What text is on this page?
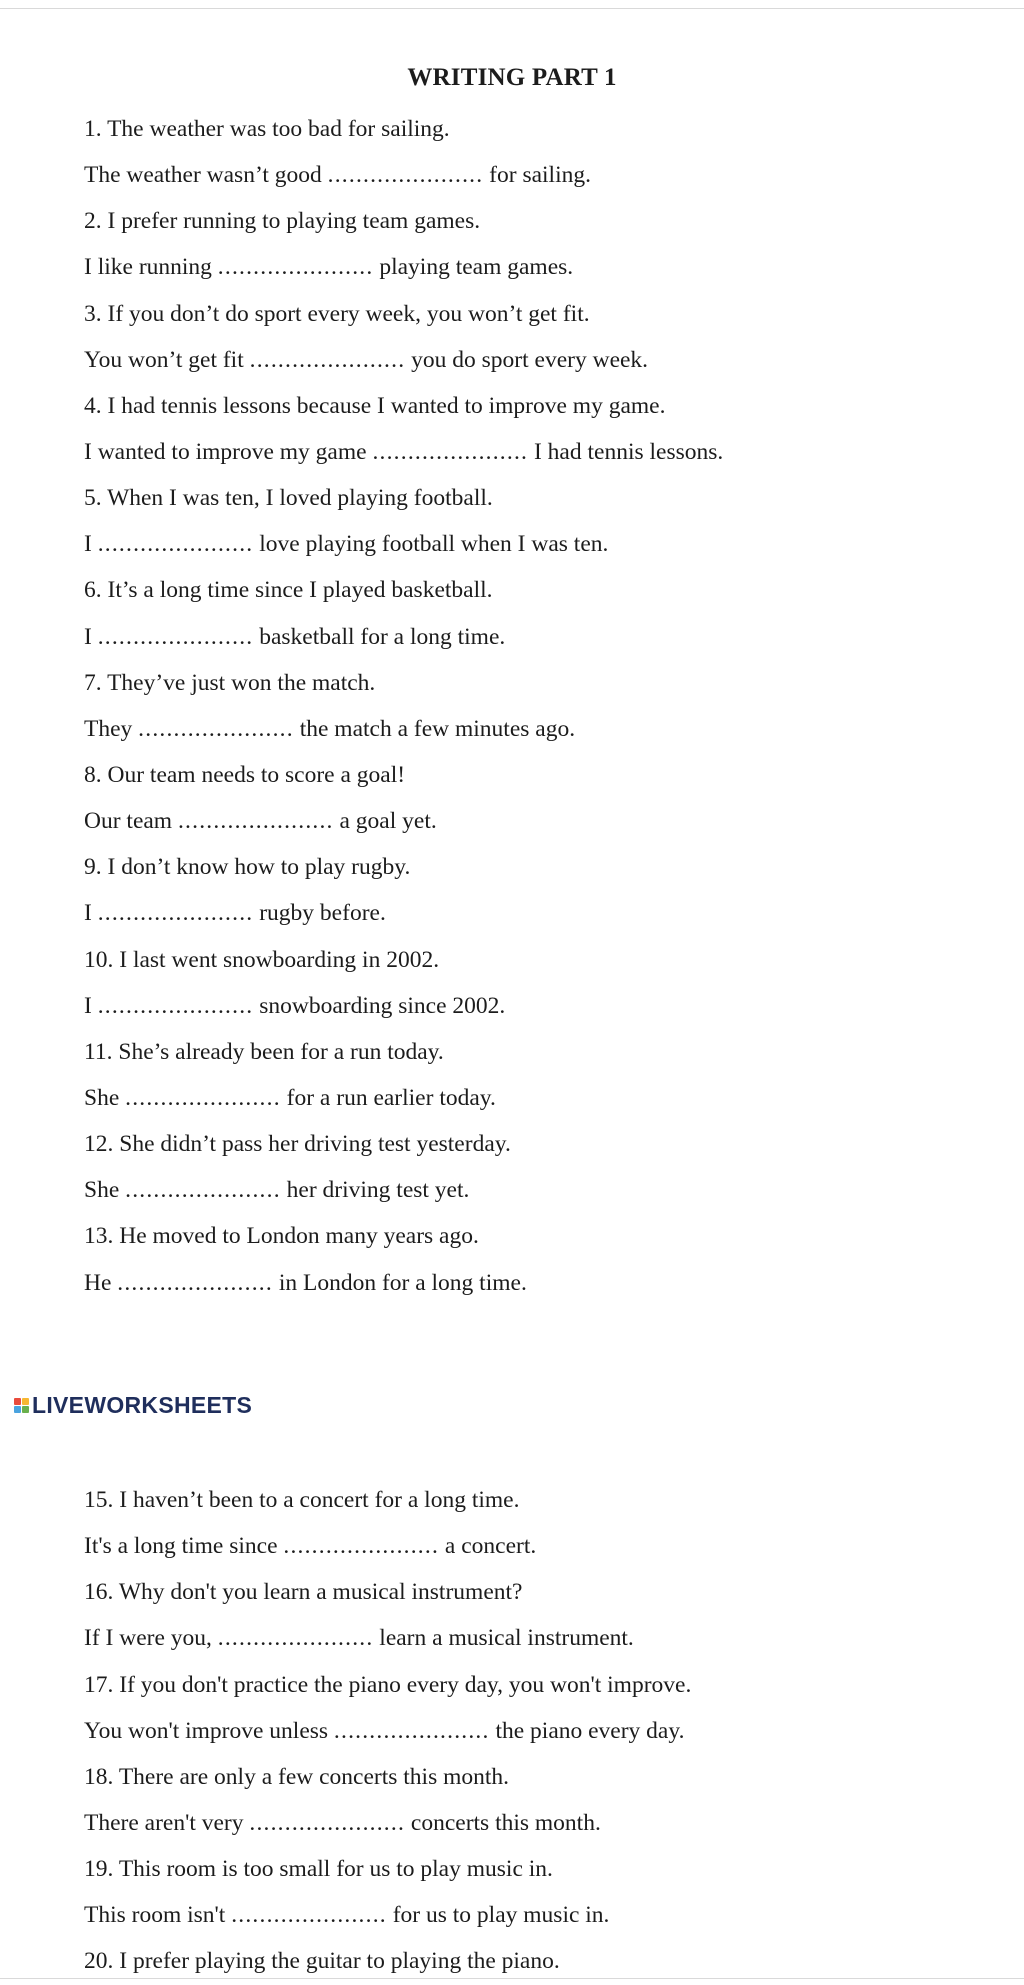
WRITING PART 1
1. The weather was too bad for sailing.
The weather wasn’t good ...................... for sailing.
2. I prefer running to playing team games.
I like running ...................... playing team games.
3. If you don’t do sport every week, you won’t get fit.
You won’t get fit ...................... you do sport every week.
4. I had tennis lessons because I wanted to improve my game.
I wanted to improve my game ...................... I had tennis lessons.
5. When I was ten, I loved playing football.
I ...................... love playing football when I was ten.
6. It’s a long time since I played basketball.
I ...................... basketball for a long time.
7. They’ve just won the match.
They ...................... the match a few minutes ago.
8. Our team needs to score a goal!
Our team ...................... a goal yet.
9. I don’t know how to play rugby.
I ...................... rugby before.
10. I last went snowboarding in 2002.
I ...................... snowboarding since 2002.
11. She’s already been for a run today.
She ...................... for a run earlier today.
12. She didn’t pass her driving test yesterday.
She ...................... her driving test yet.
13. He moved to London many years ago.
He ...................... in London for a long time.
LIVEWORKSHEETS
15. I haven’t been to a concert for a long time.
It's a long time since ...................... a concert.
16. Why don't you learn a musical instrument?
If I were you, ...................... learn a musical instrument.
17. If you don't practice the piano every day, you won't improve.
You won't improve unless ...................... the piano every day.
18. There are only a few concerts this month.
There aren't very ...................... concerts this month.
19. This room is too small for us to play music in.
This room isn't ...................... for us to play music in.
20. I prefer playing the guitar to playing the piano.
